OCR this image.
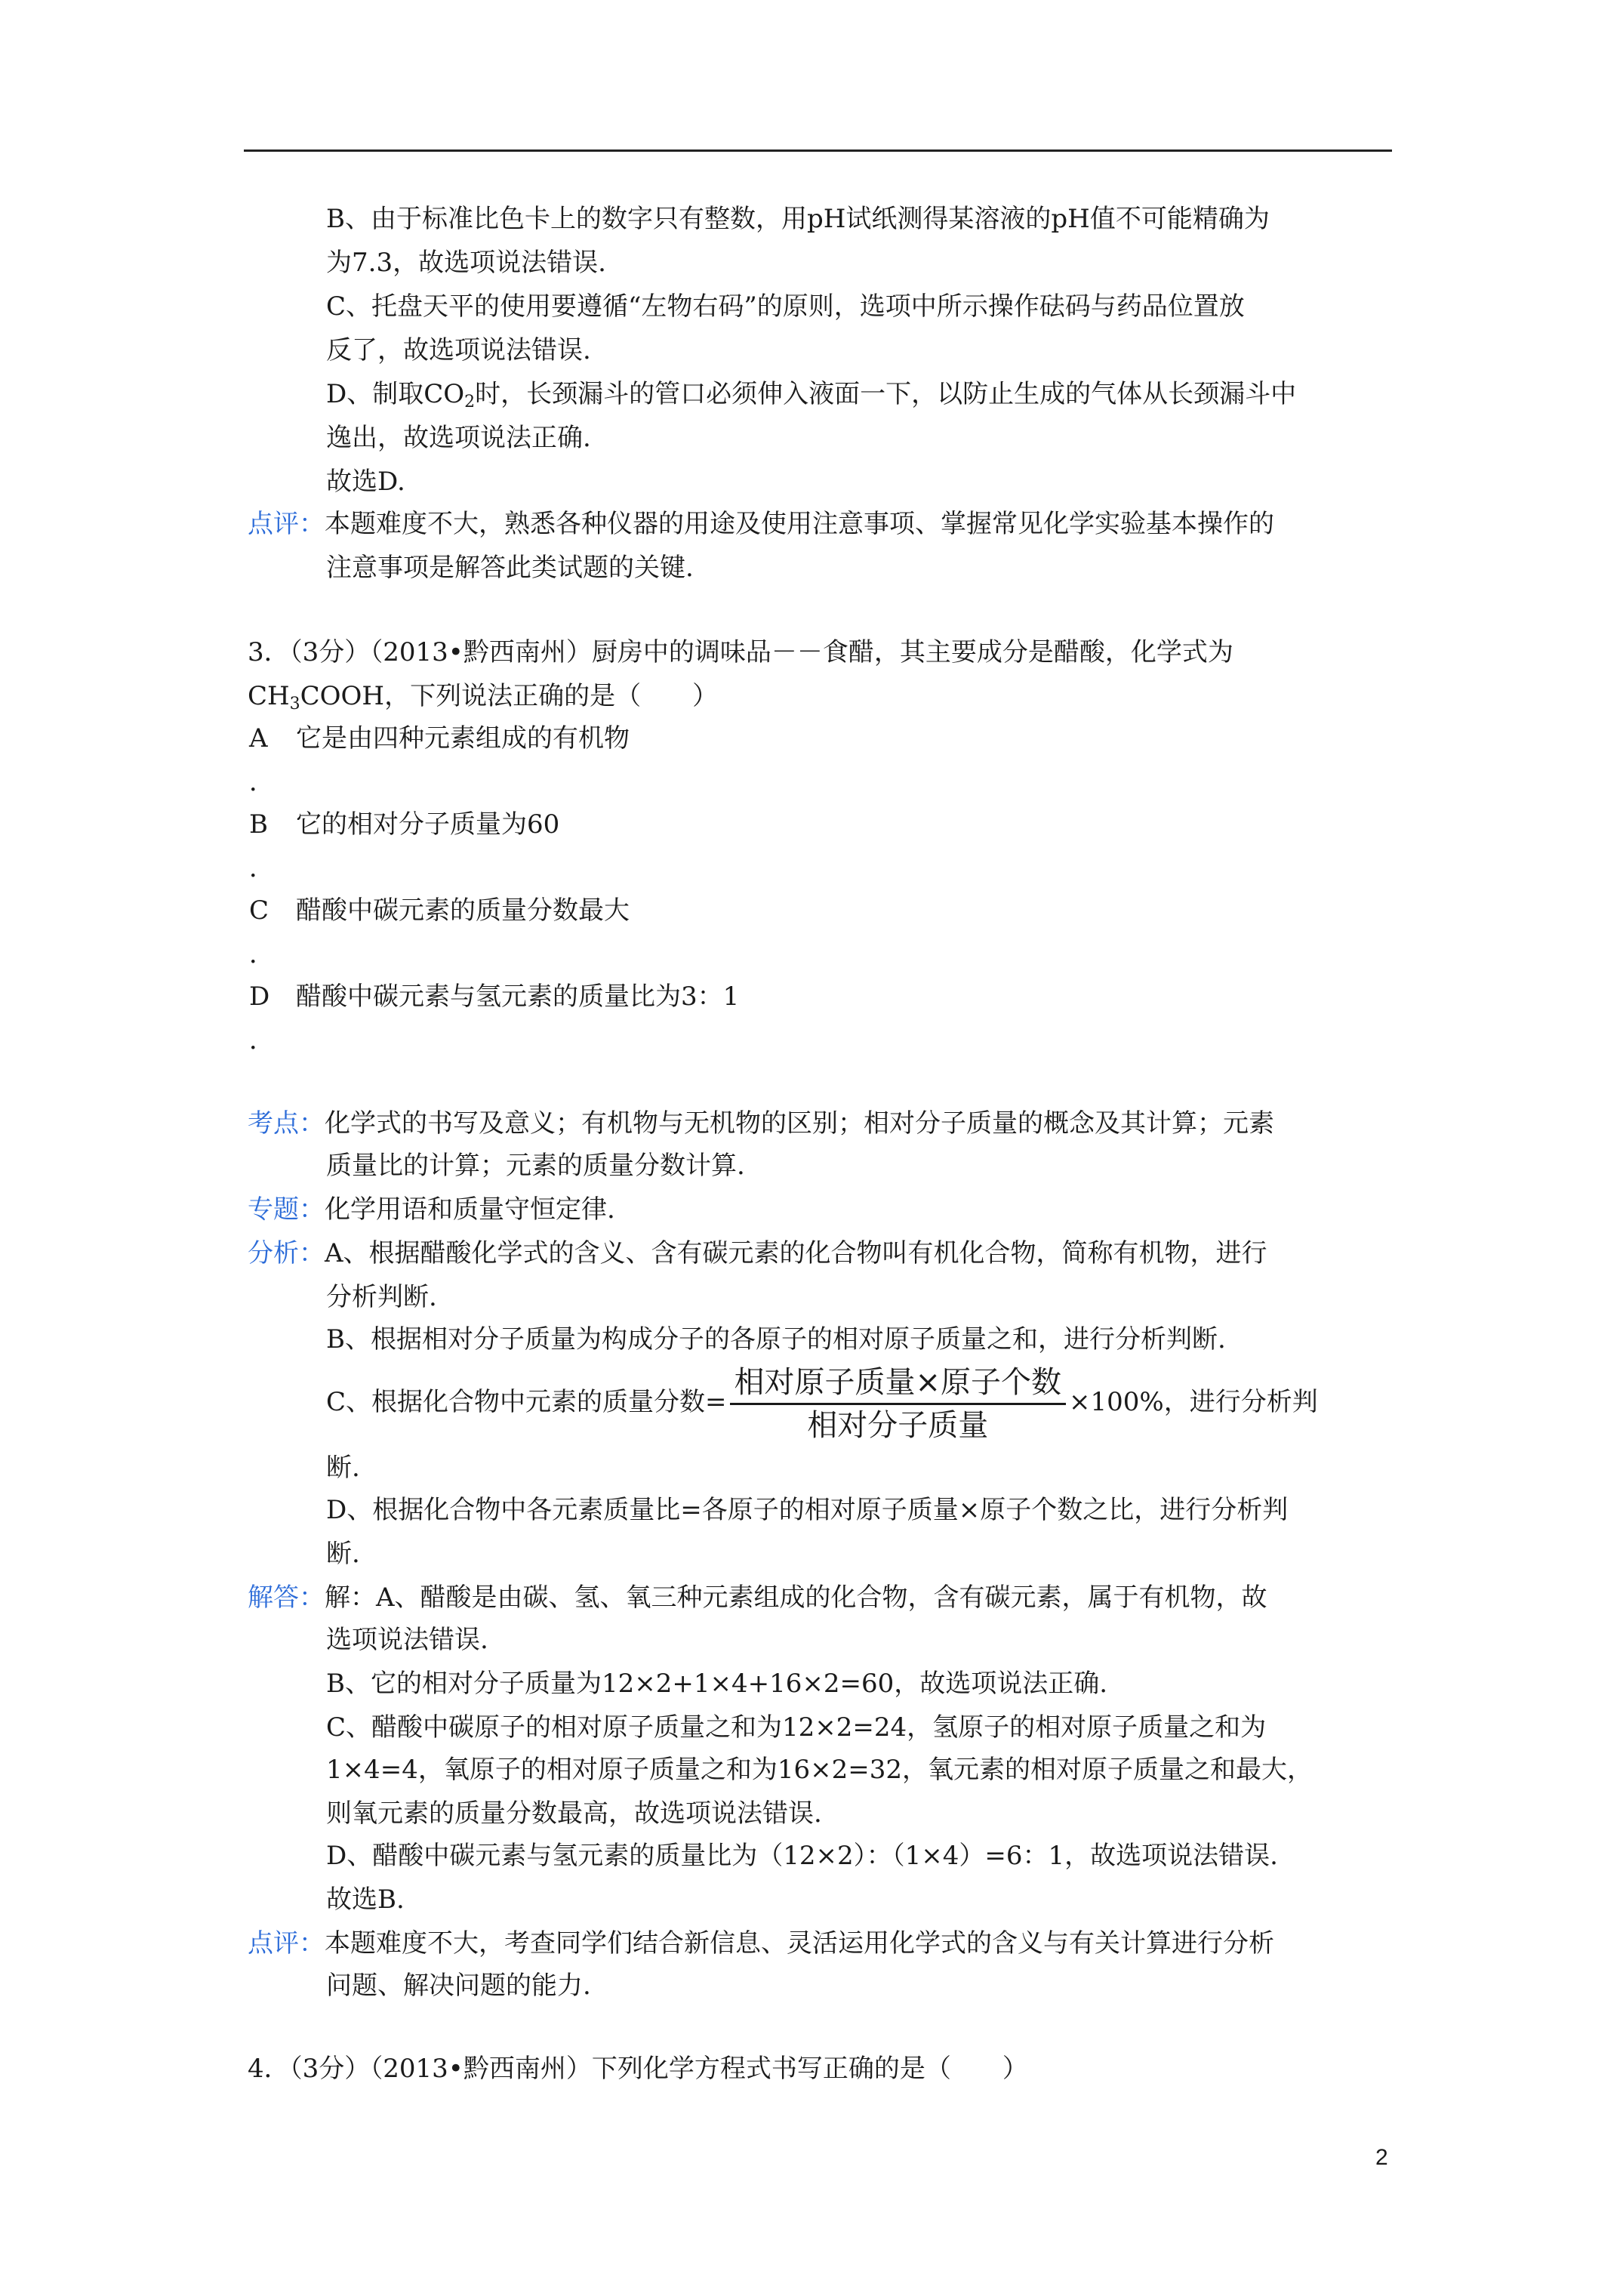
B、由于标准比色卡上的数字只有整数，用pH试纸测得某溶液的pH值不可能精确为
为7.3，故选项说法错误.
C、托盘天平的使用要遵循“左物右码”的原则，选项中所示操作砝码与药品位置放
反了，故选项说法错误.
D、制取$CO_2$时，长颈漏斗的管口必须伸入液面一下，以防止生成的气体从长颈漏斗中
逸出，故选项说法正确.
故选D.
点评：本题难度不大，熟悉各种仪器的用途及使用注意事项、掌握常见化学实验基本操作的
注意事项是解答此类试题的关键.
3．（3分）（2013•黔西南州）厨房中的调味品－－食醋，其主要成分是醋酸，化学式为
$CH_3COOH$，下列说法正确的是（　　）
A 它是由四种元素组成的有机物
．
B 它的相对分子质量为60
．
C 醋酸中碳元素的质量分数最大
．
D 醋酸中碳元素与氢元素的质量比为3：1
．
考点：化学式的书写及意义；有机物与无机物的区别；相对分子质量的概念及其计算；元素
质量比的计算；元素的质量分数计算.
专题：化学用语和质量守恒定律.
分析：A、根据醋酸化学式的含义、含有碳元素的化合物叫有机化合物，简称有机物，进行
分析判断.
B、根据相对分子质量为构成分子的各原子的相对原子质量之和，进行分析判断.
C、根据化合物中元素的质量分数= $\frac{\text{相对原子质量×原子个数}}{\text{相对分子质量}} \times 100\%$，进行分析判
断.
D、根据化合物中各元素质量比=各原子的相对原子质量×原子个数之比，进行分析判
断.
解答：解：A、醋酸是由碳、氢、氧三种元素组成的化合物，含有碳元素，属于有机物，故
选项说法错误.
B、它的相对分子质量为12×2+1×4+16×2=60，故选项说法正确.
C、醋酸中碳原子的相对原子质量之和为12×2=24，氢原子的相对原子质量之和为
1×4=4，氧原子的相对原子质量之和为16×2=32，氧元素的相对原子质量之和最大，
则氧元素的质量分数最高，故选项说法错误.
D、醋酸中碳元素与氢元素的质量比为（12×2）：（1×4）=6：1，故选项说法错误.
故选B.
点评：本题难度不大，考查同学们结合新信息、灵活运用化学式的含义与有关计算进行分析
问题、解决问题的能力.
4．（3分）（2013•黔西南州）下列化学方程式书写正确的是（　　）
2
